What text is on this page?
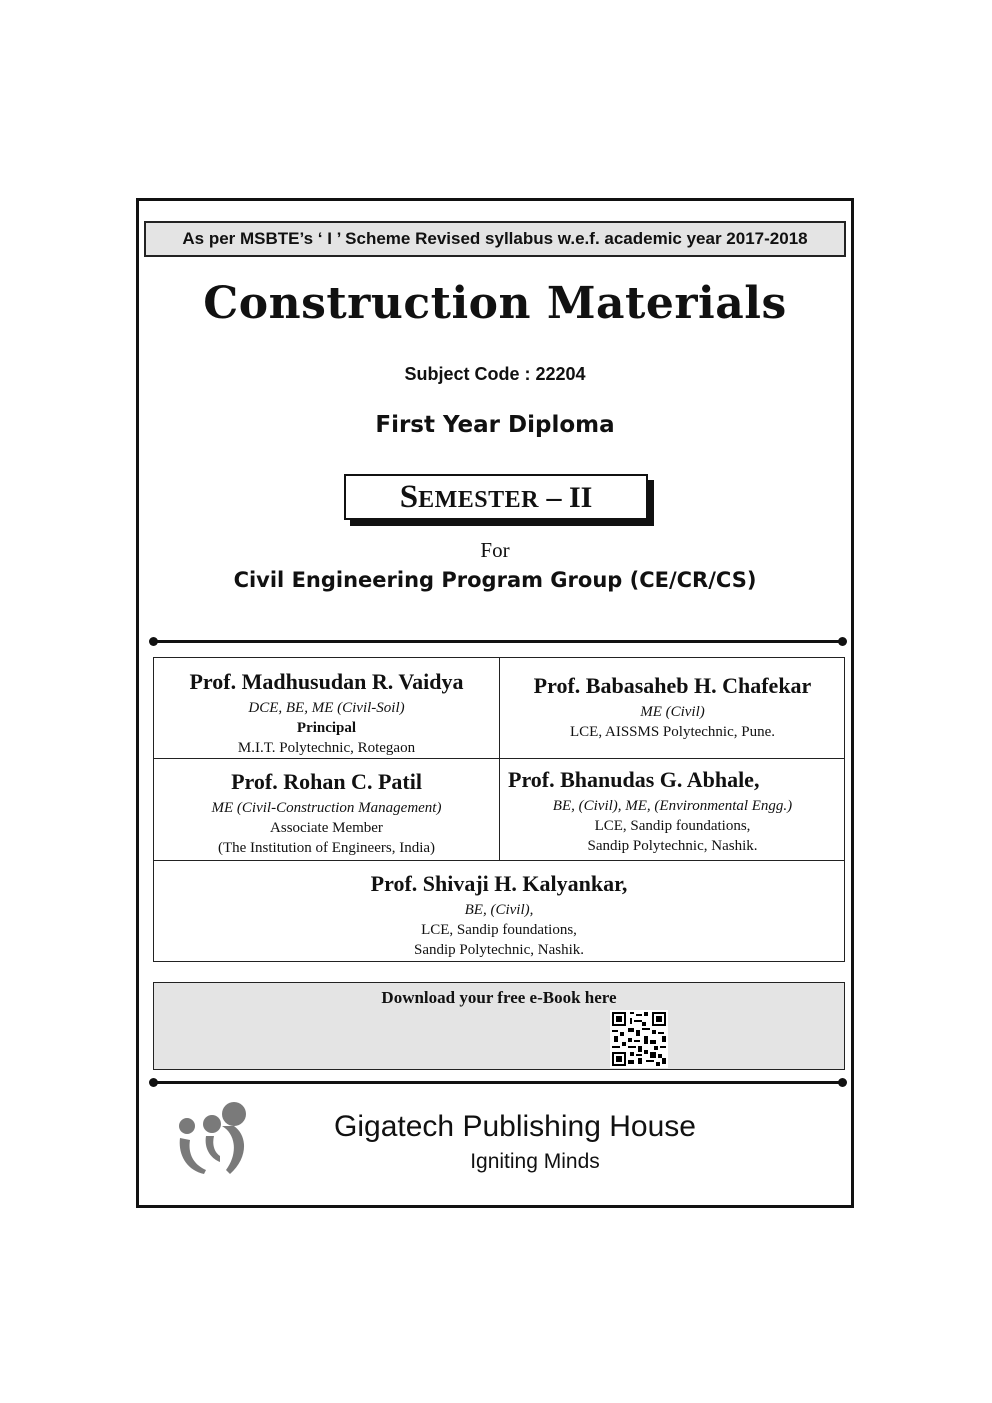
As per MSBTE’s ‘ I ’ Scheme Revised syllabus w.e.f. academic year 2017-2018
Construction Materials
Subject Code : 22204
First Year Diploma
SEMESTER – II
For
Civil Engineering Program Group (CE/CR/CS)
Prof. Madhusudan R. Vaidya
DCE, BE, ME (Civil-Soil)
Principal
M.I.T. Polytechnic, Rotegaon
Prof. Babasaheb H. Chafekar
ME (Civil)
LCE, AISSMS Polytechnic, Pune.
Prof. Rohan C. Patil
ME (Civil-Construction Management)
Associate Member
(The Institution of Engineers, India)
Prof. Bhanudas G. Abhale,
BE, (Civil), ME, (Environmental Engg.)
LCE, Sandip foundations,
Sandip Polytechnic, Nashik.
Prof. Shivaji H. Kalyankar,
BE, (Civil),
LCE, Sandip foundations,
Sandip Polytechnic, Nashik.
Download your free e-Book here
Gigatech Publishing House
Igniting Minds
